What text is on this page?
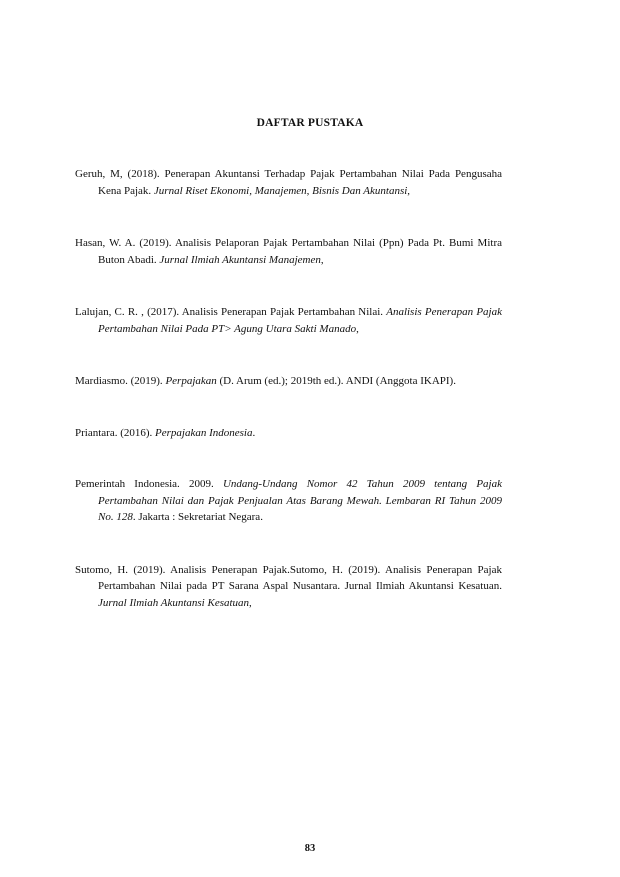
DAFTAR PUSTAKA

Geruh, M, (2018). Penerapan Akuntansi Terhadap Pajak Pertambahan Nilai Pada Pengusaha Kena Pajak. Jurnal Riset Ekonomi, Manajemen, Bisnis Dan Akuntansi,

Hasan, W. A. (2019). Analisis Pelaporan Pajak Pertambahan Nilai (Ppn) Pada Pt. Bumi Mitra Buton Abadi. Jurnal Ilmiah Akuntansi Manajemen,

Lalujan, C. R. , (2017). Analisis Penerapan Pajak Pertambahan Nilai. Analisis Penerapan Pajak Pertambahan Nilai Pada PT> Agung Utara Sakti Manado,

Mardiasmo. (2019). Perpajakan (D. Arum (ed.); 2019th ed.). ANDI (Anggota IKAPI).

Priantara. (2016). Perpajakan Indonesia.

Pemerintah Indonesia. 2009. Undang-Undang Nomor 42 Tahun 2009 tentang Pajak Pertambahan Nilai dan Pajak Penjualan Atas Barang Mewah. Lembaran RI Tahun 2009 No. 128. Jakarta : Sekretariat Negara.

Sutomo, H. (2019). Analisis Penerapan Pajak.Sutomo, H. (2019). Analisis Penerapan Pajak Pertambahan Nilai pada PT Sarana Aspal Nusantara. Jurnal Ilmiah Akuntansi Kesatuan. Jurnal Ilmiah Akuntansi Kesatuan,

83
